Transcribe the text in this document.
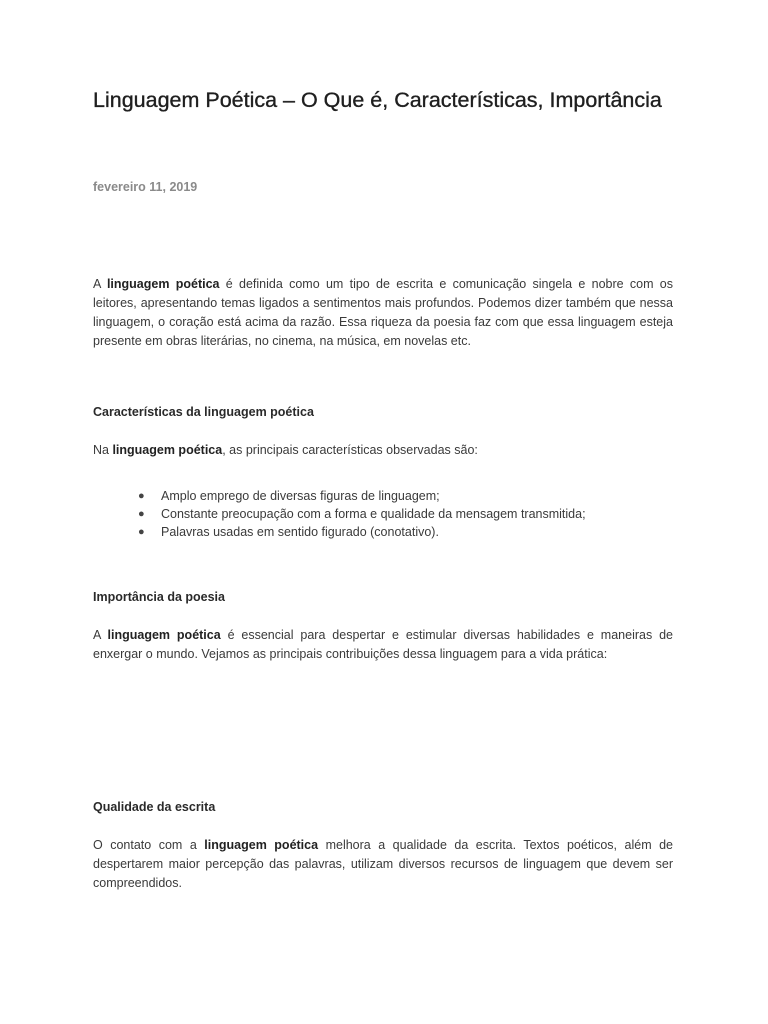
Linguagem Poética – O Que é, Características, Importância
fevereiro 11, 2019

A linguagem poética é definida como um tipo de escrita e comunicação singela e nobre com os leitores, apresentando temas ligados a sentimentos mais profundos. Podemos dizer também que nessa linguagem, o coração está acima da razão. Essa riqueza da poesia faz com que essa linguagem esteja presente em obras literárias, no cinema, na música, em novelas etc.

Características da linguagem poética

Na linguagem poética, as principais características observadas são:

● Amplo emprego de diversas figuras de linguagem;
● Constante preocupação com a forma e qualidade da mensagem transmitida;
● Palavras usadas em sentido figurado (conotativo).
Importância da poesia

A linguagem poética é essencial para despertar e estimular diversas habilidades e maneiras de enxergar o mundo. Vejamos as principais contribuições dessa linguagem para a vida prática:

Qualidade da escrita

O contato com a linguagem poética melhora a qualidade da escrita. Textos poéticos, além de despertarem maior percepção das palavras, utilizam diversos recursos de linguagem que devem ser compreendidos.
